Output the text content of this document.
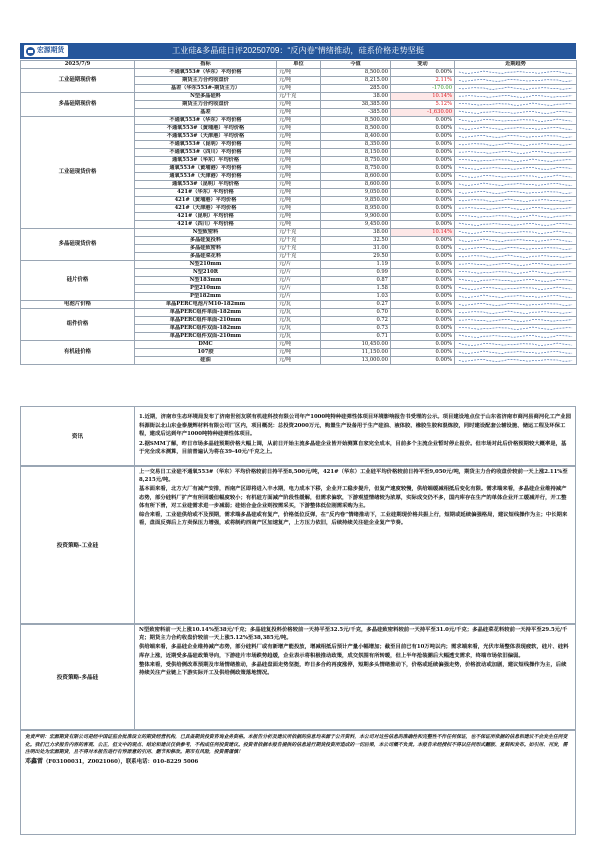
宏源期货	工业硅&多晶硅日评20250709：“反内卷”情绪推动，硅系价格走势坚挺
2025/7/9	指标	单位	今值	变动	近期趋势
工业硅期现价格	不通氧553#（华东）平均价格	元/吨	8,500.00	0.00%	

	期货主力合约收盘价	元/吨	8,215.00	2.11%	

	基差（华东553#-期货主力）	元/吨	285.00	-170.00	

多晶硅期现价格	N型多晶硅料	元/千克	38.00	10.14%	

	期货主力合约收盘价	元/吨	38,385.00	5.12%	

	基差	元/吨	-385.00	-1,630.00	

工业硅现货价格	不通氧553#（华东）平均价格	元/吨	8,500.00	0.00%	

	不通氧553#（黄埔港）平均价格	元/吨	8,500.00	0.00%	

	不通氧553#（天津港）平均价格	元/吨	8,400.00	0.00%	

	不通氧553#（昆明）平均价格	元/吨	8,350.00	0.00%	

	不通氧553#（四川）平均价格	元/吨	8,150.00	0.00%	

	通氧553#（华东）平均价格	元/吨	8,750.00	0.00%	

	通氧553#（黄埔港）平均价格	元/吨	8,750.00	0.00%	

	通氧553#（天津港）平均价格	元/吨	8,600.00	0.00%	

	通氧553#（昆明）平均价格	元/吨	8,600.00	0.00%	

	421#（华东）平均价格	元/吨	9,050.00	0.00%	

	421#（黄埔港）平均价格	元/吨	9,850.00	0.00%	

	421#（天津港）平均价格	元/吨	8,950.00	0.00%	

	421#（昆明）平均价格	元/吨	9,900.00	0.00%	

	421#（四川）平均价格	元/吨	9,450.00	0.00%	

多晶硅现货价格	N型致密料	元/千克	38.00	10.14%	

	多晶硅复投料	元/千克	32.50	0.00%	

	多晶硅致密料	元/千克	31.00	0.00%	

	多晶硅菜花料	元/千克	29.50	0.00%	

硅片价格	N型210mm	元/片	1.19	0.00%	

	N型210R	元/片	0.99	0.00%	

	N型183mm	元/片	0.87	0.00%	

	P型210mm	元/片	1.58	0.00%	

	P型182mm	元/片	1.03	0.00%	

电池片价格	单晶PERC电池片M10-182mm	元/瓦	0.27	0.00%	

组件价格	单晶PERC组件单面-182mm	元/瓦	0.70	0.00%	

	单晶PERC组件单面-210mm	元/瓦	0.72	0.00%	

	单晶PERC组件双面-182mm	元/瓦	0.73	0.00%	

	单晶PERC组件双面-210mm	元/瓦	0.71	0.00%	

有机硅价格	DMC	元/吨	10,450.00	0.00%	

	107胶	元/吨	11,150.00	0.00%	

	硅油	元/吨	13,000.00	0.00%	
资讯

1.近期，济南市生态环境局发布了济南世创友联有机硅科技有限公司年产1000吨特种硅弹性体项目环境影响报告书受理的公示。项目建设地点位于山东省济南市商河县商河化工产业园科源街以北山东金泰晟辉材料有限公司厂区内，项目概况：总投资2000万元，购置生产设备用于生产硅油、液体胶、橡胶生胶和混炼胶，同时建设配套公辅设施、储运工程及环保工程，建成后达到年产1000吨特种硅弹性体项目。

2.据SMM了解，昨日市场多晶硅预期价格大幅上调，从前日开始主流多晶硅企业皆开始测算自家完全成本，目前多个主流企业暂时停止报价。但市场对此后价格预期较大概率是，基于完全成本测算，目前普遍认为将在39-40元/千克之上。

投资策略-工业硅

上一交易日工业硅不通氧553#（华东）平均价格较前日持平至8,500元/吨，421#（华东）工业硅平均价格较前日持平至9,050元/吨，期货主力合约收盘价较前一天上涨2.11%至8,215元/吨。

基本面来看，北方大厂有减产安排，西南产区即将进入丰水期，电力成本下移，企业开工稳步提升，但复产速度较慢，供给端缓减相抵后变化有限。需求端来看，多晶硅企业维持减产态势，部分硅料厂扩产有所回暖但幅度较小；有机硅方面减产阶段性缓解，但需求偏软，下游观望情绪较为浓厚，实际成交仍不多，国内库存在生产的单体企业开工缓减并行，开工整体有所下滑，对工业硅需求进一步减弱；硅铝合金企业则按需采买，下游整体低位刚需采购为主。

综合来看，工业硅供给或不及预期，需求端多晶硅或有复产，价格低位反弹，在“反内卷”情绪推动下，工业硅期现价格共振上行，短期或延续偏强格局，建议短线操作为主；中长期来看，盘面反弹后上方卖保压力增强，或将制约西南产区加速复产，上方压力依旧，后续持续关注硅企业复产节奏。

投资策略-多晶硅

N型致密料前一天上涨10.14%至38元/千克；多晶硅复投料价格较前一天持平至32.5元/千克，多晶硅致密料较前一天持平至31.0元/千克；多晶硅菜花料较前一天持平至29.5元/千克；期货主力合约收盘价较前一天上涨5.12%至38,385元/吨。

供给端来看，多晶硅企业维持减产态势，部分硅料厂或有新增产能投放，增减相抵后预计产量小幅增加；截至目前已有10万吨以内；需求端来看，光伏市场整体表现疲软，硅片、硅料库存上涨，近期受多晶硅政策导向，下游硅片市场跌势趋缓，企业表示将积极推动政策，成交氛围有所转暖，但上半年抢装潮后大幅透支需求，终端市场依旧偏弱。

整体来看，受供给侧改革预期及市场情绪推动，多晶硅盘面走势坚挺，昨日多合约再度涨停，短期多头情绪推动下，价格或延续偏强走势，价格波动或加剧，建议短线操作为主，后续持续关注产业链上下游实际开工及供给侧政策落地情况。

免责声明：宏源期货有限公司是经中国证监会批准设立的期货经营机构，已具备期货投资咨询业务资格。本报告分析及建议所依据的信息均来源于公开资料，本公司对这些信息的准确性和完整性不作任何保证，也不保证所依据的信息和建议不会发生任何变化。我们已力求报告内容的客观、公正，但文中的观点、结论和建议仅供参考，不构成任何投资建议。投资者依据本报告提供的信息进行期货投资所造成的一切后果，本公司概不负责。本报告未经授权不得以任何形式翻版、复制和发布。如引用、刊发，需注明出处为宏源期货，且不得对本报告进行有悖原意的引用、删节和修改。期市有风险，投资需谨慎！
邓鑫雷（F03100031，Z0021060），联系电话：010-8229 5006
